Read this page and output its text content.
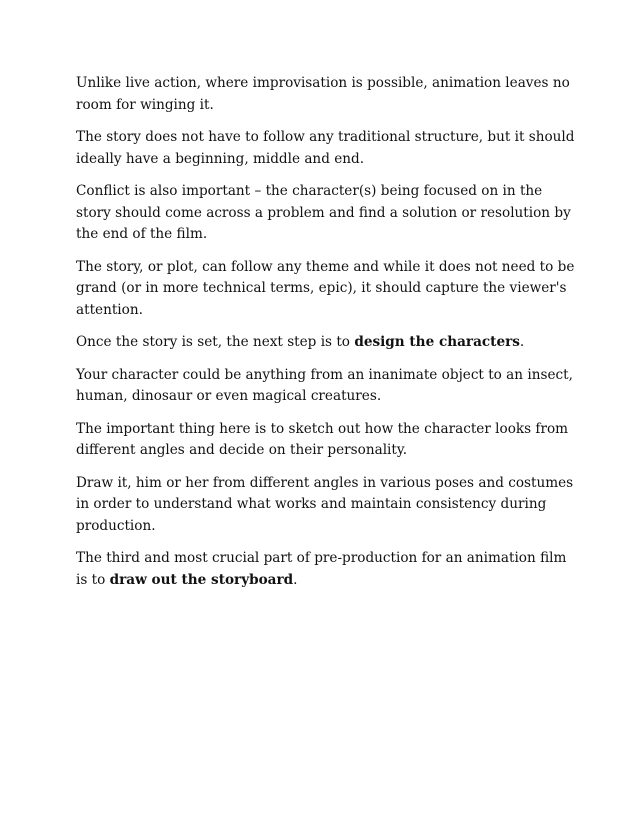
Unlike live action, where improvisation is possible, animation leaves no room for winging it.

The story does not have to follow any traditional structure, but it should ideally have a beginning, middle and end.

Conflict is also important – the character(s) being focused on in the story should come across a problem and find a solution or resolution by the end of the film.

The story, or plot, can follow any theme and while it does not need to be grand (or in more technical terms, epic), it should capture the viewer's attention.

Once the story is set, the next step is to design the characters.

Your character could be anything from an inanimate object to an insect, human, dinosaur or even magical creatures.

The important thing here is to sketch out how the character looks from different angles and decide on their personality.

Draw it, him or her from different angles in various poses and costumes in order to understand what works and maintain consistency during production.

The third and most crucial part of pre-production for an animation film is to draw out the storyboard.
